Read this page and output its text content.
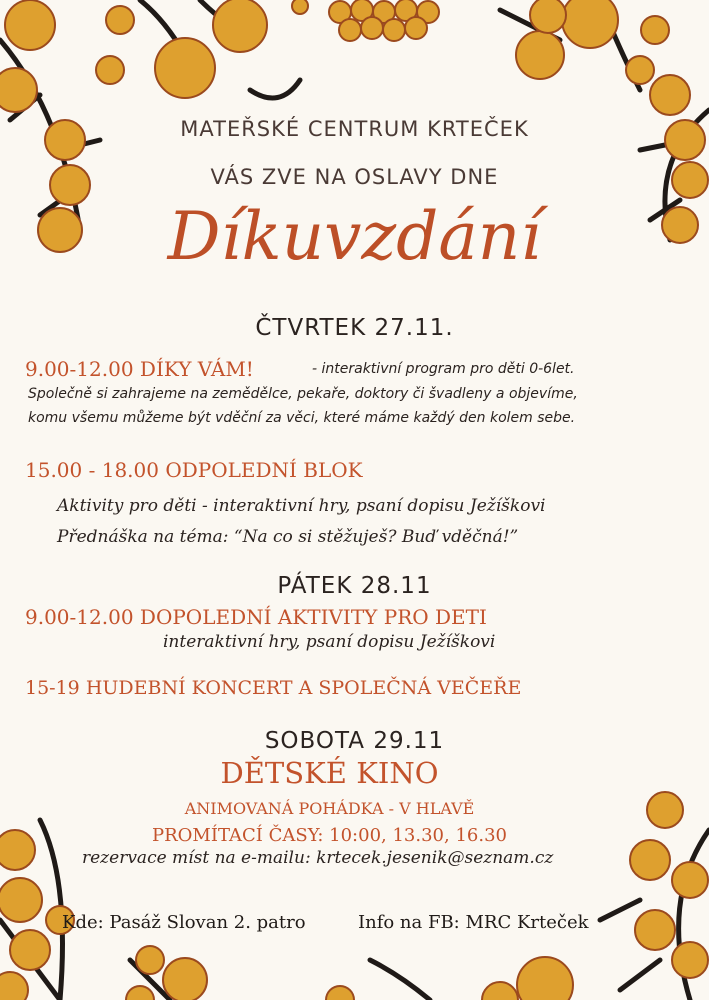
MATEŘSKÉ CENTRUM KRTEČEK

VÁS ZVE NA OSLAVY DNE

Díkuvzdání

ČTVRTEK 27.11.

9.00-12.00 DÍKY VÁM!	- interaktivní program pro děti 0-6let.

Společně si zahrajeme na zemědělce, pekaře, doktory či švadleny a objevíme,

komu všemu můžeme být vděční za věci, které máme každý den kolem sebe.

15.00 - 18.00 ODPOLEDNÍ BLOK

Aktivity pro děti - interaktivní hry, psaní dopisu Ježíškovi

Přednáška na téma: “Na co si stěžuješ? Buď vděčná!”

PÁTEK 28.11

9.00-12.00 DOPOLEDNÍ AKTIVITY PRO DETI

interaktivní hry, psaní dopisu Ježíškovi

15-19 HUDEBNÍ KONCERT A SPOLEČNÁ VEČEŘE

SOBOTA 29.11

DĚTSKÉ KINO

ANIMOVANÁ POHÁDKA - V HLAVĚ

PROMÍTACÍ ČASY: 10:00, 13.30, 16.30

rezervace míst na e-mailu: krtecek.jesenik@seznam.cz

Kde: Pasáž Slovan 2. patro	Info na FB: MRC Krteček
